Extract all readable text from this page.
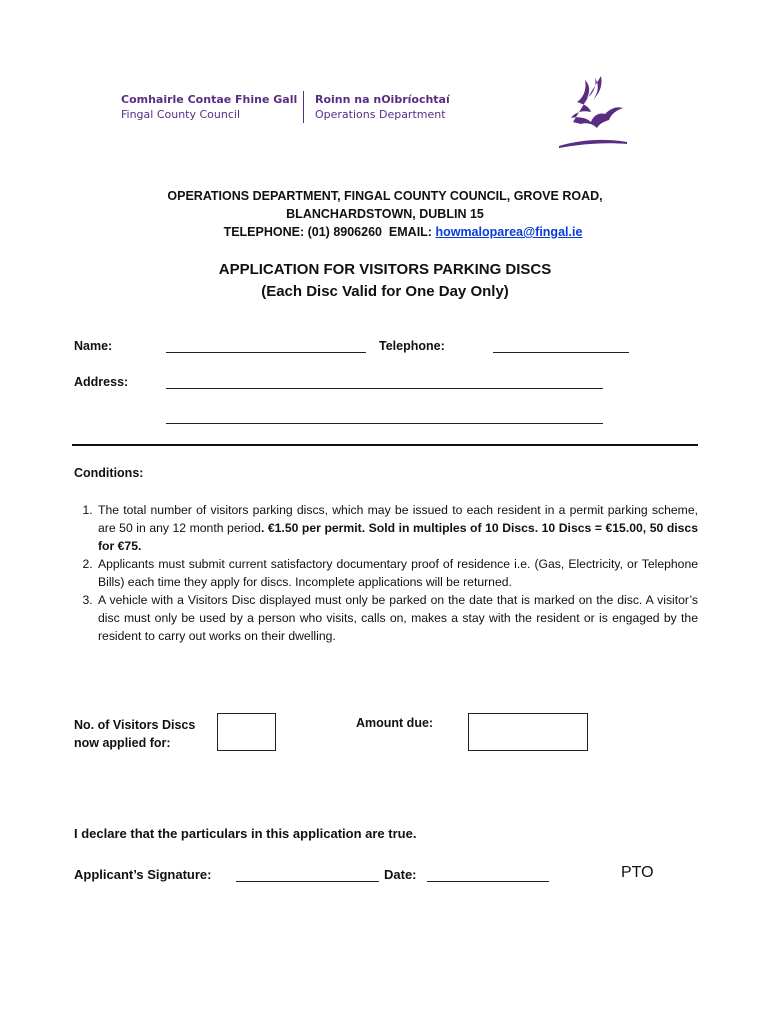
Comhairle Contae Fhine Gall
Fingal County Council
Roinn na nOibríochtaí
Operations Department
OPERATIONS DEPARTMENT, FINGAL COUNTY COUNCIL, GROVE ROAD,
BLANCHARDSTOWN, DUBLIN 15
TELEPHONE: (01) 8906260  EMAIL: howmaloparea@fingal.ie
APPLICATION FOR VISITORS PARKING DISCS
(Each Disc Valid for One Day Only)
Name:	Telephone:
Address:
Conditions:
1. The total number of visitors parking discs, which may be issued to each resident in a permit parking scheme, are 50 in any 12 month period. €1.50 per permit. Sold in multiples of 10 Discs. 10 Discs = €15.00, 50 discs for €75.
2. Applicants must submit current satisfactory documentary proof of residence i.e. (Gas, Electricity, or Telephone Bills) each time they apply for discs. Incomplete applications will be returned.
3. A vehicle with a Visitors Disc displayed must only be parked on the date that is marked on the disc. A visitor’s disc must only be used by a person who visits, calls on, makes a stay with the resident or is engaged by the resident to carry out works on their dwelling.
No. of Visitors Discs
now applied for:
Amount due:
I declare that the particulars in this application are true.
Applicant’s Signature:	Date:	PTO
